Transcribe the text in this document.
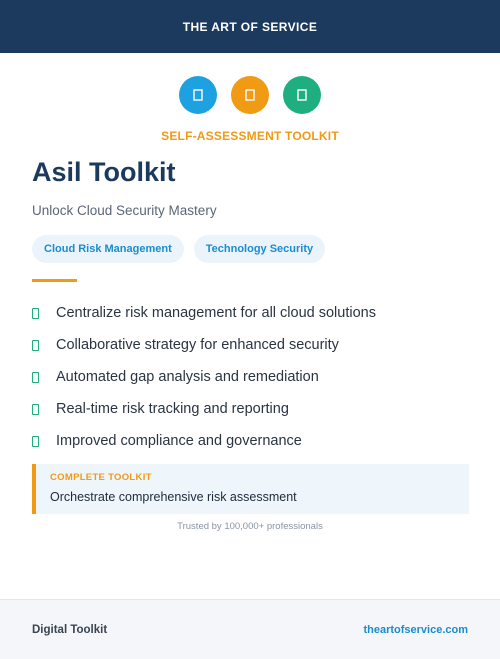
THE ART OF SERVICE
SELF-ASSESSMENT TOOLKIT
Asil Toolkit
Unlock Cloud Security Mastery
Cloud Risk Management	Technology Security
Centralize risk management for all cloud solutions
Collaborative strategy for enhanced security
Automated gap analysis and remediation
Real-time risk tracking and reporting
Improved compliance and governance
COMPLETE TOOLKIT
Orchestrate comprehensive risk assessment
Trusted by 100,000+ professionals
Digital Toolkit	theartofservice.com
